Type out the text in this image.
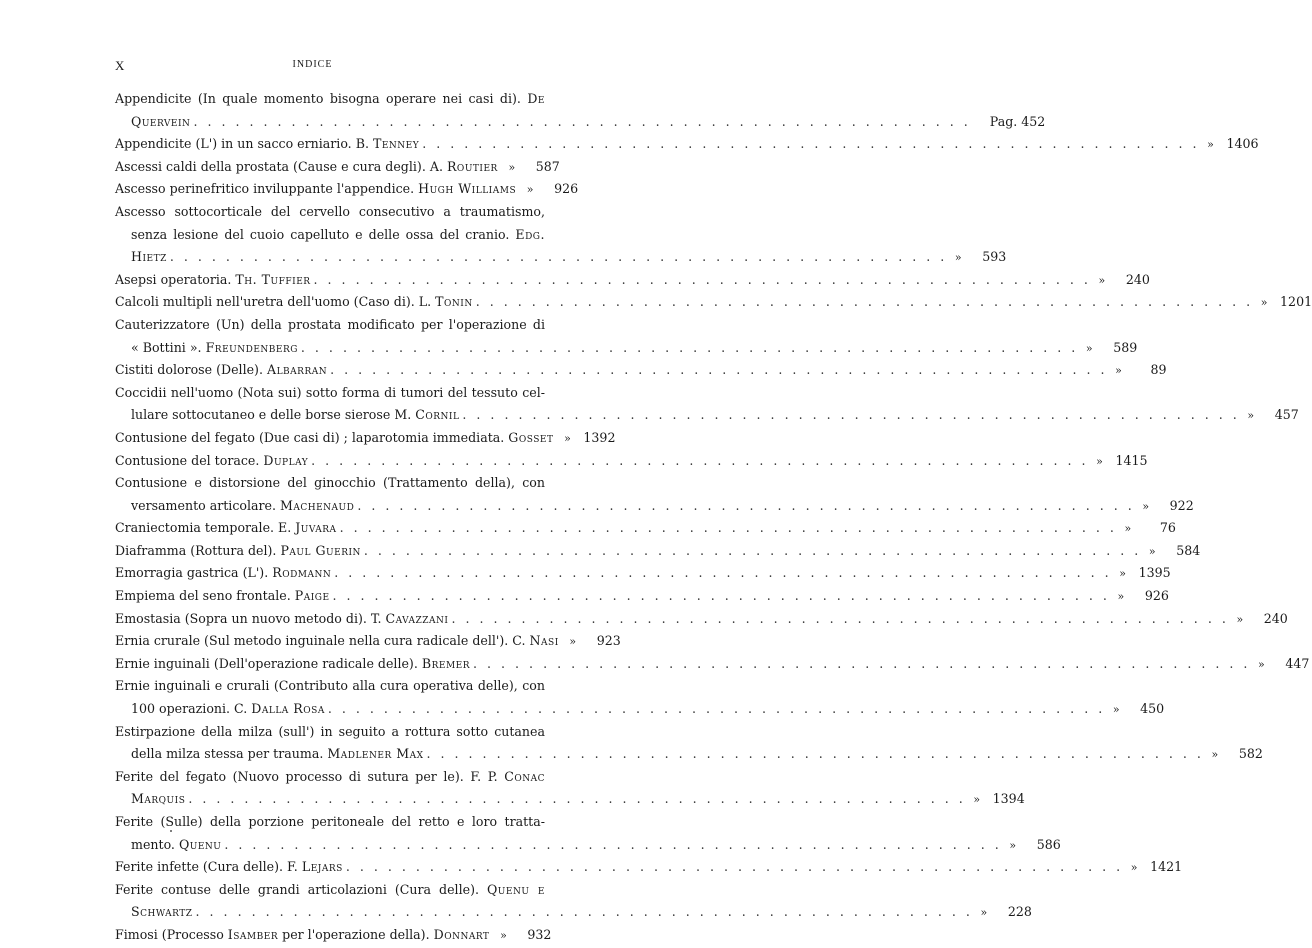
X	INDICE
Appendicite (In quale momento bisogna operare nei casi di). De
Quervein . . .	Pag. 452
Appendicite (L') in un sacco erniario. B. Tenney . . .	» 1406
Ascessi caldi della prostata (Cause e cura degli). A. Routier »	587
Ascesso perinefritico inviluppante l'appendice. Hugh Williams »	926
Ascesso sottocorticale del cervello consecutivo a traumatismo,
senza lesione del cuoio capelluto e delle ossa del cranio. Edg.
Hietz . . .	»	593
Asepsi operatoria. Th. Tuffier . . .	»	240
Calcoli multipli nell'uretra dell'uomo (Caso di). L. Tonin . . .	» 1201
Cauterizzatore (Un) della prostata modificato per l'operazione di
« Bottini ». Freundenberg . . .	»	589
Cistiti dolorose (Delle). Albarran . . .	»	89
Coccidii nell'uomo (Nota sui) sotto forma di tumori del tessuto cel-
lulare sottocutaneo e delle borse sierose M. Cornil . . .	»	457
Contusione del fegato (Due casi di) ; laparotomia immediata. Gosset » 1392
Contusione del torace. Duplay . . .	» 1415
Contusione e distorsione del ginocchio (Trattamento della), con
versamento articolare. Machenaud . . .	»	922
Craniectomia temporale. E. Juvara . . .	»	76
Diaframma (Rottura del). Paul Guerin . . .	»	584
Emorragia gastrica (L'). Rodmann . . .	» 1395
Empiema del seno frontale. Paige . . .	»	926
Emostasia (Sopra un nuovo metodo di). T. Cavazzani . . .	»	240
Ernia crurale (Sul metodo inguinale nella cura radicale dell'). C. Nasi »	923
Ernie inguinali (Dell'operazione radicale delle). Bremer . . .	»	447
Ernie inguinali e crurali (Contributo alla cura operativa delle), con
100 operazioni. C. Dalla Rosa . . .	»	450
Estirpazione della milza (sull') in seguito a rottura sotto cutanea
della milza stessa per trauma. Madlener Max . . .	»	582
Ferite del fegato (Nuovo processo di sutura per le). F. P. Conac
Marquis . . .	» 1394
Ferite (Sulle) della porzione peritoneale del retto e loro tratta-
mento. Quenu . . .	»	586
Ferite infette (Cura delle). F. Lejars . . .	» 1421
Ferite contuse delle grandi articolazioni (Cura delle). Quenu e
Schwartz . . .	»	228
Fimosi (Processo Isamber per l'operazione della). Donnart »	932
